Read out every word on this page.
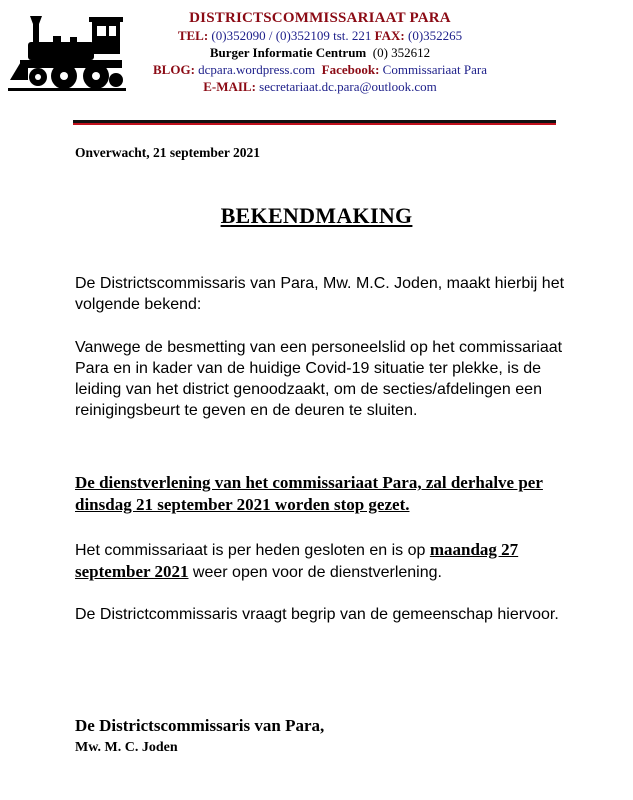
DISTRICTSCOMMISSARIAAT PARA
TEL: (0)352090 / (0)352109 tst. 221 FAX: (0)352265
Burger Informatie Centrum (0) 352612
BLOG: dcpara.wordpress.com Facebook: Commissariaat Para
E-MAIL: secretariaat.dc.para@outlook.com
Onverwacht, 21 september 2021
BEKENDMAKING
De Districtscommissaris van Para, Mw. M.C. Joden, maakt hierbij het volgende bekend:
Vanwege de besmetting van een personeelslid op het commissariaat Para en in kader van de huidige Covid-19 situatie ter plekke, is de leiding van het district genoodzaakt, om de secties/afdelingen een reinigingsbeurt te geven en de deuren te sluiten.
De dienstverlening van het commissariaat Para, zal derhalve per dinsdag 21 september 2021 worden stop gezet.
Het commissariaat is per heden gesloten en is op maandag 27 september 2021 weer open voor de dienstverlening.
De Districtcommissaris vraagt begrip van de gemeenschap hiervoor.
De Districtscommissaris van Para,
Mw. M. C. Joden
